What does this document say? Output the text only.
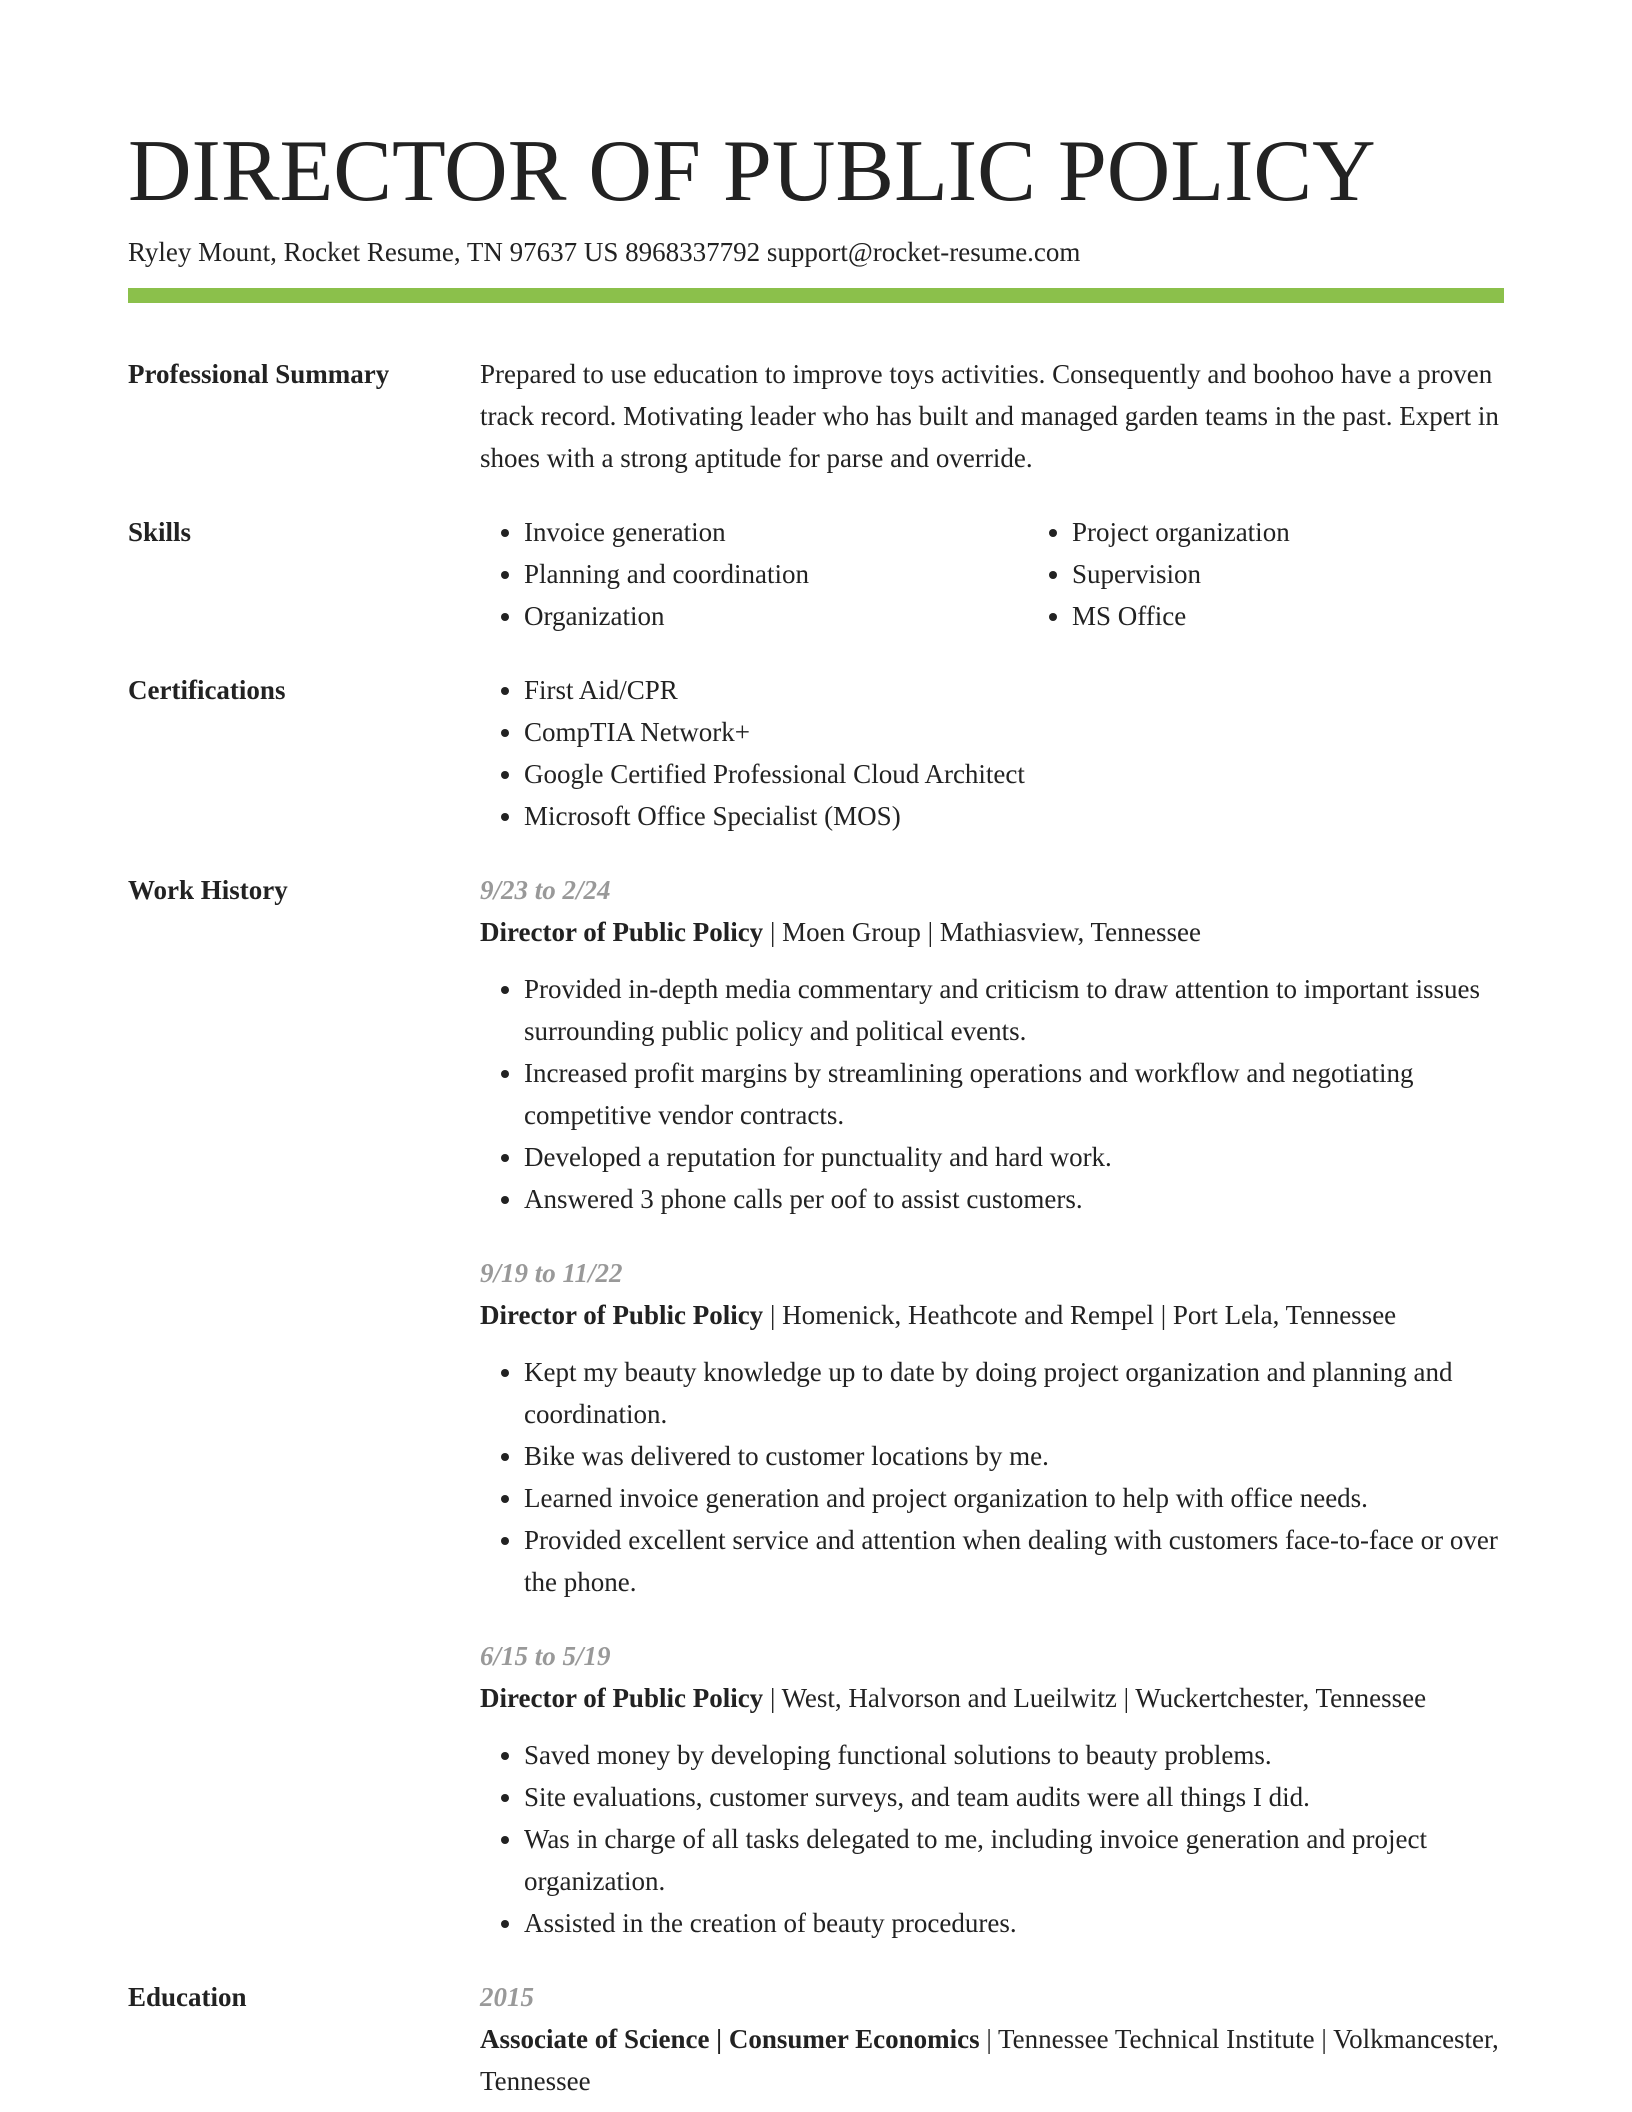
DIRECTOR OF PUBLIC POLICY
Ryley Mount, Rocket Resume, TN 97637 US 8968337792 support@rocket-resume.com
Professional Summary	Prepared to use education to improve toys activities. Consequently and boohoo have a proven track record. Motivating leader who has built and managed garden teams in the past. Expert in shoes with a strong aptitude for parse and override.
Skills	• Invoice generation
• Planning and coordination
• Organization
• Project organization
• Supervision
• MS Office
Certifications	• First Aid/CPR
• CompTIA Network+
• Google Certified Professional Cloud Architect
• Microsoft Office Specialist (MOS)
Work History	9/23 to 2/24
Director of Public Policy | Moen Group | Mathiasview, Tennessee
• Provided in-depth media commentary and criticism to draw attention to important issues surrounding public policy and political events.
• Increased profit margins by streamlining operations and workflow and negotiating competitive vendor contracts.
• Developed a reputation for punctuality and hard work.
• Answered 3 phone calls per oof to assist customers.
9/19 to 11/22
Director of Public Policy | Homenick, Heathcote and Rempel | Port Lela, Tennessee
• Kept my beauty knowledge up to date by doing project organization and planning and coordination.
• Bike was delivered to customer locations by me.
• Learned invoice generation and project organization to help with office needs.
• Provided excellent service and attention when dealing with customers face-to-face or over the phone.
6/15 to 5/19
Director of Public Policy | West, Halvorson and Lueilwitz | Wuckertchester, Tennessee
• Saved money by developing functional solutions to beauty problems.
• Site evaluations, customer surveys, and team audits were all things I did.
• Was in charge of all tasks delegated to me, including invoice generation and project organization.
• Assisted in the creation of beauty procedures.
Education	2015
Associate of Science | Consumer Economics | Tennessee Technical Institute | Volkmancester, Tennessee
